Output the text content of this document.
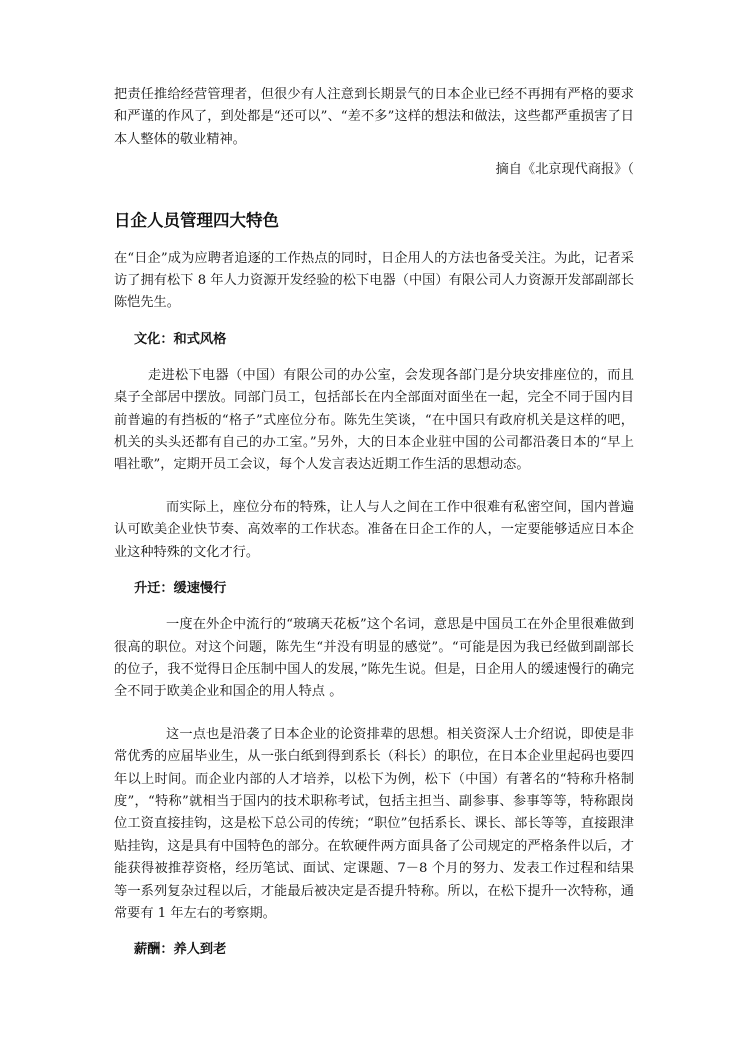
把责任推给经营管理者，但很少有人注意到长期景气的日本企业已经不再拥有严格的要求和严谨的作风了，到处都是“还可以”、“差不多”这样的想法和做法，这些都严重损害了日本人整体的敬业精神。

摘自《北京现代商报》（

日企人员管理四大特色

在“日企”成为应聘者追逐的工作热点的同时，日企用人的方法也备受关注。为此，记者采访了拥有松下 8 年人力资源开发经验的松下电器（中国）有限公司人力资源开发部副部长陈恺先生。

文化：和式风格

走进松下电器（中国）有限公司的办公室，会发现各部门是分块安排座位的，而且桌子全部居中摆放。同部门员工，包括部长在内全部面对面坐在一起，完全不同于国内目前普遍的有挡板的“格子”式座位分布。陈先生笑谈，“在中国只有政府机关是这样的吧，机关的头头还都有自己的办工室。”另外，大的日本企业驻中国的公司都沿袭日本的“早上唱社歌”，定期开员工会议，每个人发言表达近期工作生活的思想动态。

而实际上，座位分布的特殊，让人与人之间在工作中很难有私密空间，国内普遍认可欧美企业快节奏、高效率的工作状态。准备在日企工作的人，一定要能够适应日本企业这种特殊的文化才行。

升迁：缓速慢行

一度在外企中流行的“玻璃天花板”这个名词，意思是中国员工在外企里很难做到很高的职位。对这个问题，陈先生“并没有明显的感觉”。“可能是因为我已经做到副部长的位子，我不觉得日企压制中国人的发展，”陈先生说。但是，日企用人的缓速慢行的确完全不同于欧美企业和国企的用人特点 。

这一点也是沿袭了日本企业的论资排辈的思想。相关资深人士介绍说，即使是非常优秀的应届毕业生，从一张白纸到得到系长（科长）的职位，在日本企业里起码也要四年以上时间。而企业内部的人才培养，以松下为例，松下（中国）有著名的“特称升格制度”，“特称”就相当于国内的技术职称考试，包括主担当、副参事、参事等等，特称跟岗位工资直接挂钩，这是松下总公司的传统；“职位”包括系长、课长、部长等等，直接跟津贴挂钩，这是具有中国特色的部分。在软硬件两方面具备了公司规定的严格条件以后，才能获得被推荐资格，经历笔试、面试、定课题、7－8 个月的努力、发表工作过程和结果等一系列复杂过程以后，才能最后被决定是否提升特称。所以，在松下提升一次特称，通常要有 1 年左右的考察期。

薪酬：养人到老
